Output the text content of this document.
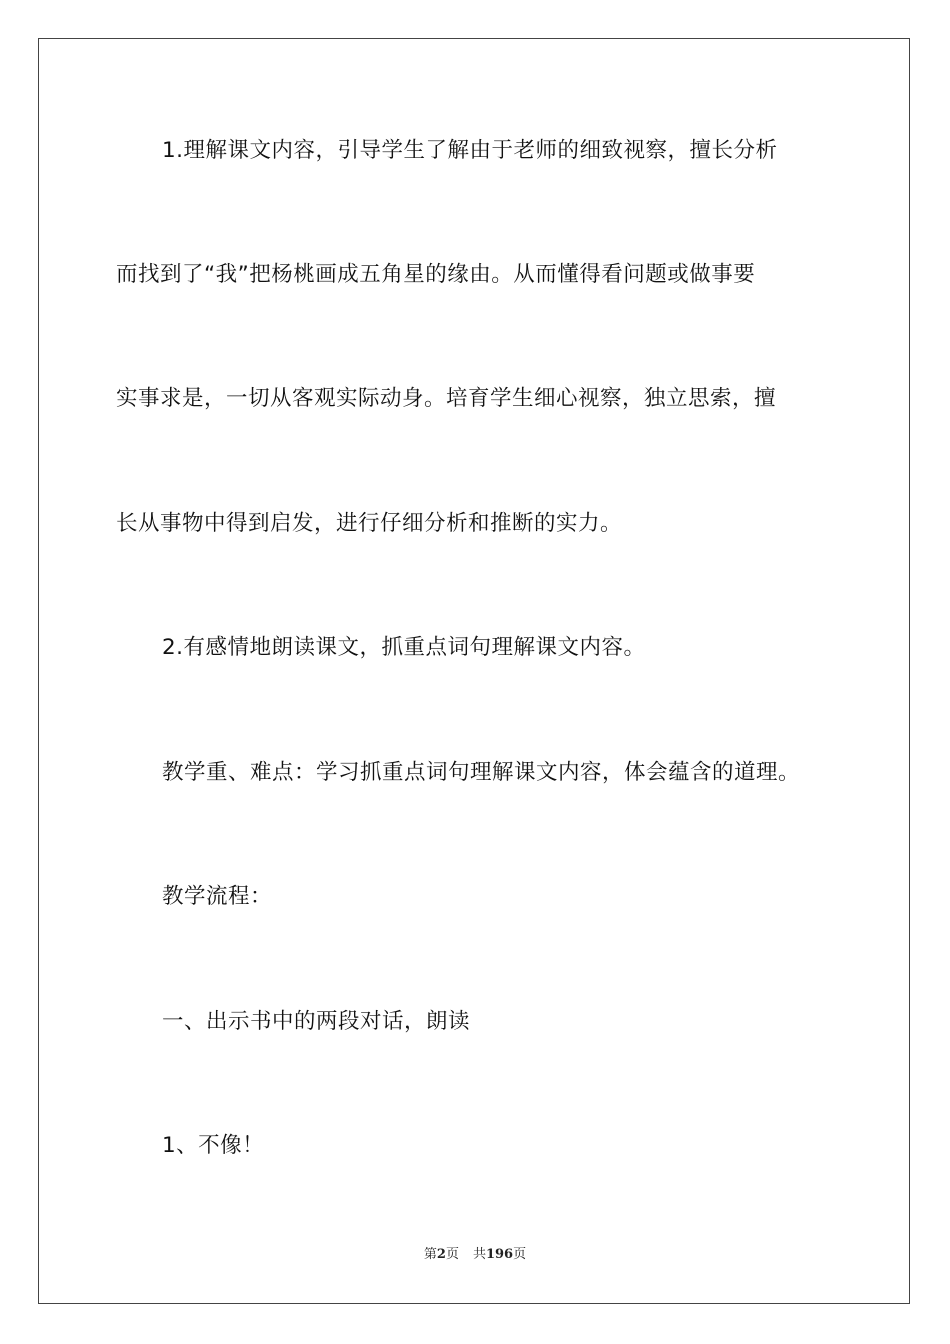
1.理解课文内容，引导学生了解由于老师的细致视察，擅长分析
而找到了“我”把杨桃画成五角星的缘由。从而懂得看问题或做事要
实事求是，一切从客观实际动身。培育学生细心视察，独立思索，擅
长从事物中得到启发，进行仔细分析和推断的实力。
2.有感情地朗读课文，抓重点词句理解课文内容。
教学重、难点：学习抓重点词句理解课文内容，体会蕴含的道理。
教学流程：
一、出示书中的两段对话，朗读
1、不像！
第2页 共196页
